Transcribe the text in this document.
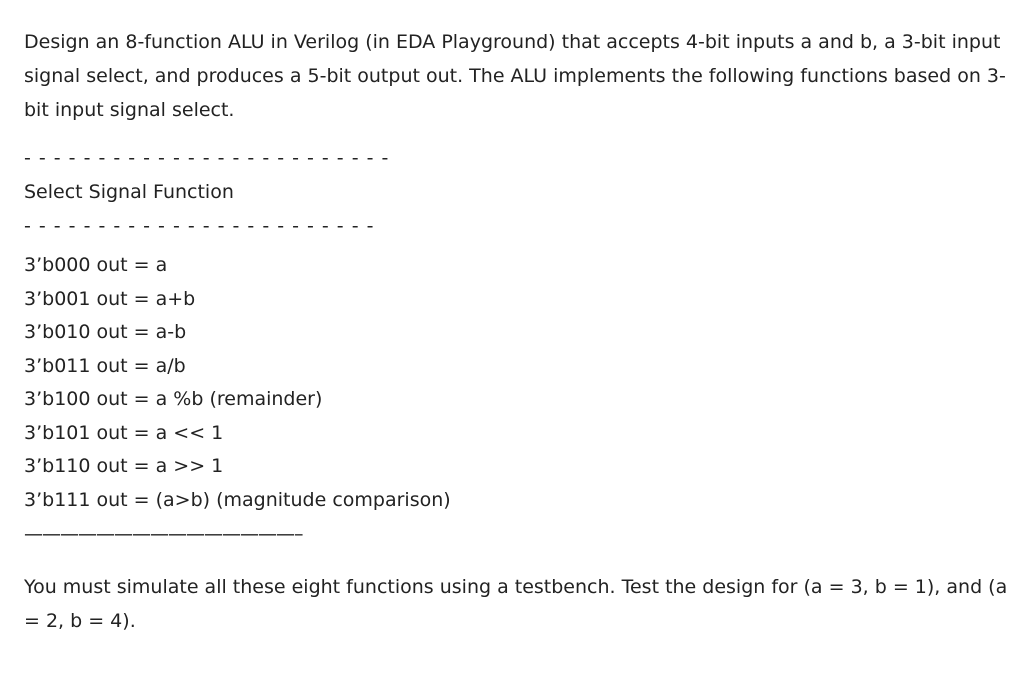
Design an 8-function ALU in Verilog (in EDA Playground) that accepts 4-bit inputs a and b, a 3-bit input signal select, and produces a 5-bit output out. The ALU implements the following functions based on 3-bit input signal select.

- - - - - - - - - - - - - - - - - - - - - - - - -
Select Signal Function
- - - - - - - - - - - - - - - - - - - - - - - -
3’b000 out = a
3’b001 out = a+b
3’b010 out = a-b
3’b011 out = a/b
3’b100 out = a %b (remainder)
3’b101 out = a << 1
3’b110 out = a >> 1
3’b111 out = (a>b) (magnitude comparison)
———————————————–

You must simulate all these eight functions using a testbench. Test the design for (a = 3, b = 1), and (a = 2, b = 4).
